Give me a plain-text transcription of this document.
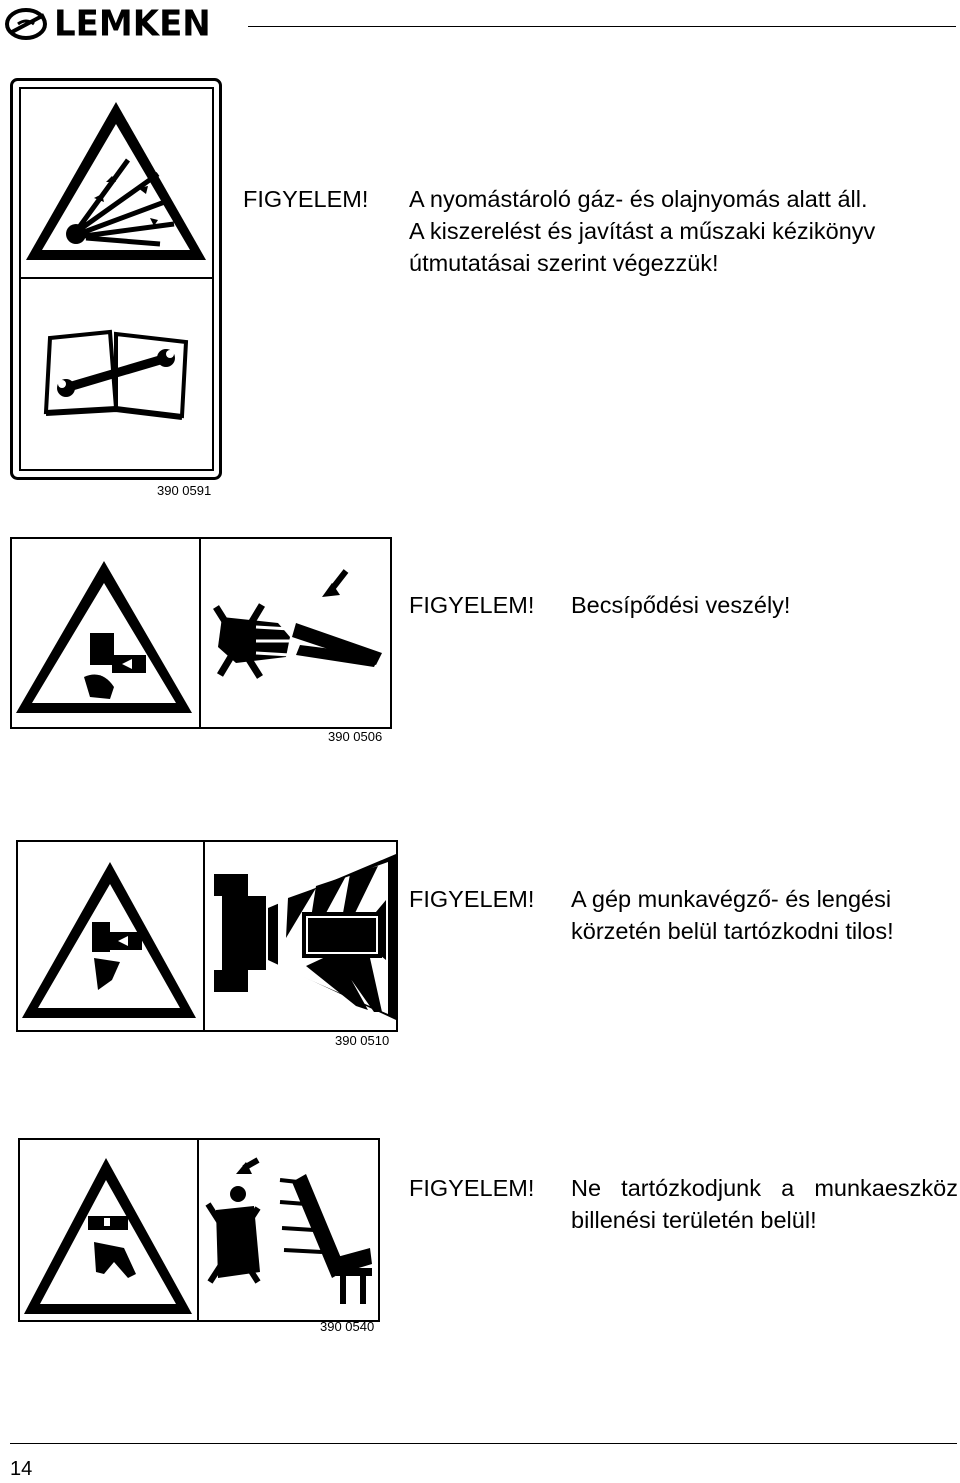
LEMKEN
390 0591
FIGYELEM! A nyomástároló gáz- és olajnyomás alatt áll.
A kiszerelést és javítást a műszaki kézikönyv
útmutatásai szerint végezzük!
390 0506
FIGYELEM! Becsípődési veszély!
390 0510
FIGYELEM!	A gép munkavégző- és lengési körzetén belül tartózkodni tilos!
390 0540
FIGYELEM!	Ne tartózkodjunk a munkaeszköz billenési területén belül!
14
